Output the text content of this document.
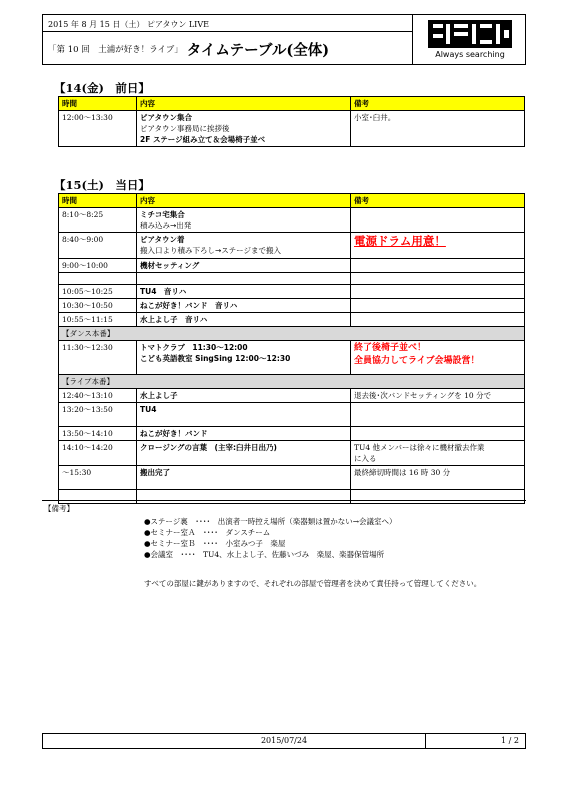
2015 年 8 月 15 日（土） ピアタウン LIVE
「第 10 回　土浦が好き！ライブ」 タイムテーブル(全体)	Always searching
【14(金)　前日】
時間	内容	備考
12:00～13:30	ピアタウン集合
ピアタウン事務局に挨拶後
2F ステージ組み立て＆会場椅子並べ	小室･臼井。
【15(土)　当日】
時間	内容	備考
8:10～8:25	ミチコ宅集合
積み込み→出発	

8:40～9:00	ピアタウン着
搬入口より積み下ろし→ステージまで搬入	電源ドラム用意！
9:00～10:00	機材セッティング	

10:05～10:25	TU4　音リハ	
10:30～10:50	ねこが好き！バンド　音リハ	
10:55～11:15	水上よし子　音リハ	
【ダンス本番】		
11:30～12:30	トマトクラブ　11:30～12:00
こども英語教室 SingSing 12:00～12:30	終了後椅子並べ！
全員協力してライブ会場設営！

【ライブ本番】		
12:40～13:10	水上よし子	退去後･次バンドセッティングを 10 分で
13:20～13:50	TU4	
13:50～14:10	ねこが好き！バンド	
14:10～14:20	クロージングの言葉　(主宰:臼井日出乃)	TU4 他メンバーは徐々に機材撤去作業
に入る

～15:30	搬出完了	最終締切時間は 16 時 30 分

【備考】
●ステージ裏　････　出演者一時控え場所（楽器類は置かない→会議室へ）
●セミナー室Ａ　････　ダンスチーム
●セミナー室Ｂ　････　小室みつ子　楽屋
●会議室　････　TU4、水上よし子、佐藤いづみ　楽屋、楽器保管場所
すべての部屋に鍵がありますので、それぞれの部屋で管理者を決めて責任持って管理してください。
2015/07/24	1 / 2
